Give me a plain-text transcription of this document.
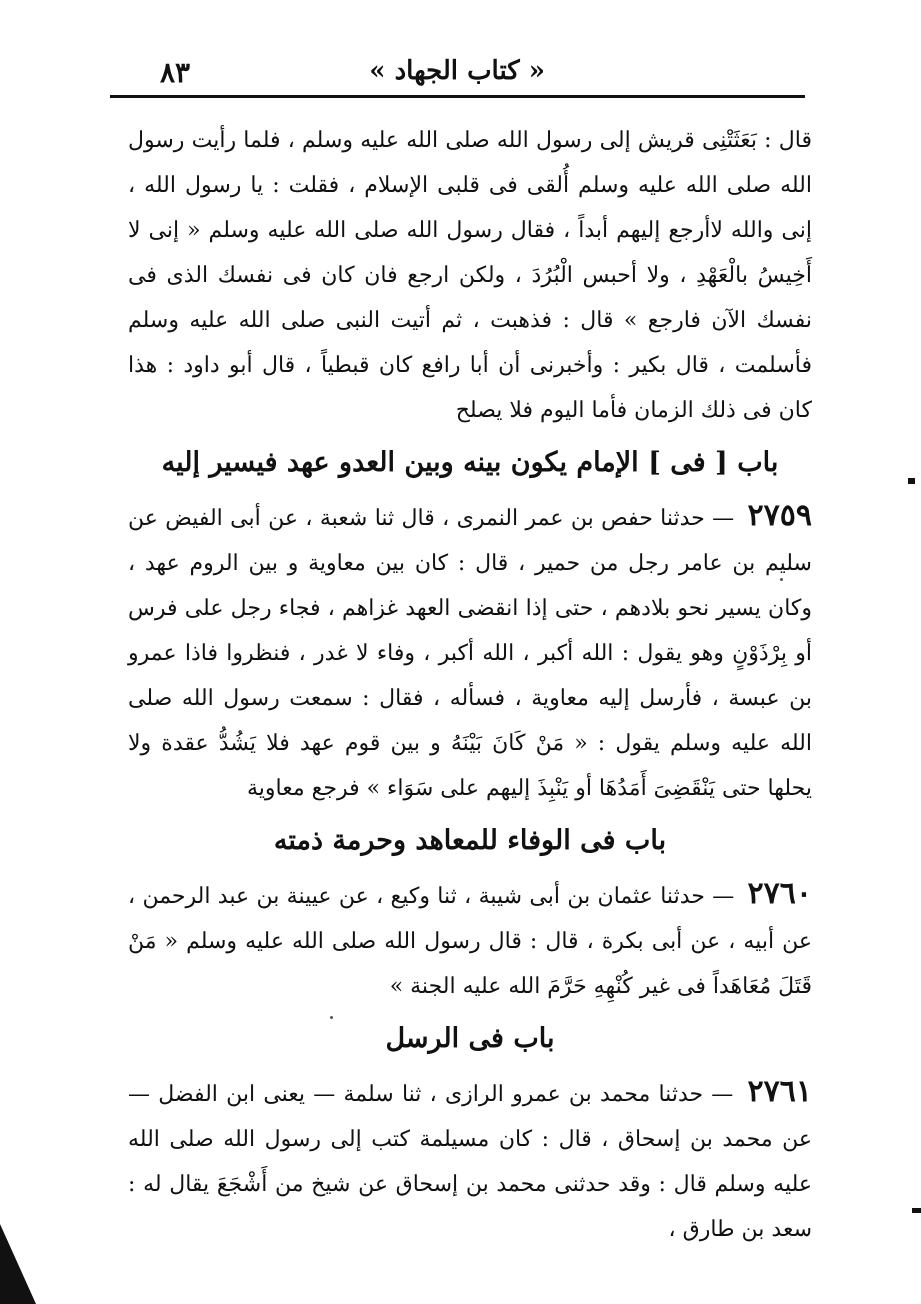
« كتاب الجهاد »
٨٣

قال : بَعَثَتْنِى قريش إلى رسول الله صلى الله عليه وسلم ، فلما رأيت رسول الله صلى الله عليه وسلم أُلقى فى قلبى الإسلام ، فقلت : يا رسول الله ، إنى والله لاأرجع إليهم أبداً ، فقال رسول الله صلى الله عليه وسلم « إنى لا أَخِيسُ بالْعَهْدِ ، ولا أحبس الْبُرُدَ ، ولكن ارجع فان كان فى نفسك الذى فى نفسك الآن فارجع » قال : فذهبت ، ثم أتيت النبى صلى الله عليه وسلم فأسلمت ، قال بكير : وأخبرنى أن أبا رافع كان قبطياً ، قال أبو داود : هذا كان فى ذلك الزمان فأما اليوم فلا يصلح

باب [ فى ] الإمام يكون بينه وبين العدو عهد فيسير إليه

٢٧٥٩ — حدثنا حفص بن عمر النمرى ، قال ثنا شعبة ، عن أبى الفيض عن سليم بن عامر رجل من حمير ، قال : كان بين معاوية و بين الروم عهد ، وكان يسير نحو بلادهم ، حتى إذا انقضى العهد غزاهم ، فجاء رجل على فرس أو بِرْذَوْنٍ وهو يقول : الله أكبر ، الله أكبر ، وفاء لا غدر ، فنظروا فاذا عمرو بن عبسة ، فأرسل إليه معاوية ، فسأله ، فقال : سمعت رسول الله صلى الله عليه وسلم يقول : « مَنْ كَانَ بَيْنَهُ و بين قوم عهد فلا يَشُدُّ عقدة ولا يحلها حتى يَنْقَضِىَ أَمَدُهَا أو يَنْبِذَ إليهم على سَوَاء » فرجع معاوية

باب فى الوفاء للمعاهد وحرمة ذمته

٢٧٦٠ — حدثنا عثمان بن أبى شيبة ، ثنا وكيع ، عن عيينة بن عبد الرحمن ، عن أبيه ، عن أبى بكرة ، قال : قال رسول الله صلى الله عليه وسلم « مَنْ قَتَلَ مُعَاهَداً فى غير كُنْهِهِ حَرَّمَ الله عليه الجنة »

باب فى الرسل

٢٧٦١ — حدثنا محمد بن عمرو الرازى ، ثنا سلمة — يعنى ابن الفضل — عن محمد بن إسحاق ، قال : كان مسيلمة كتب إلى رسول الله صلى الله عليه وسلم قال : وقد حدثنى محمد بن إسحاق عن شيخ من أَشْجَعَ يقال له : سعد بن طارق ،
